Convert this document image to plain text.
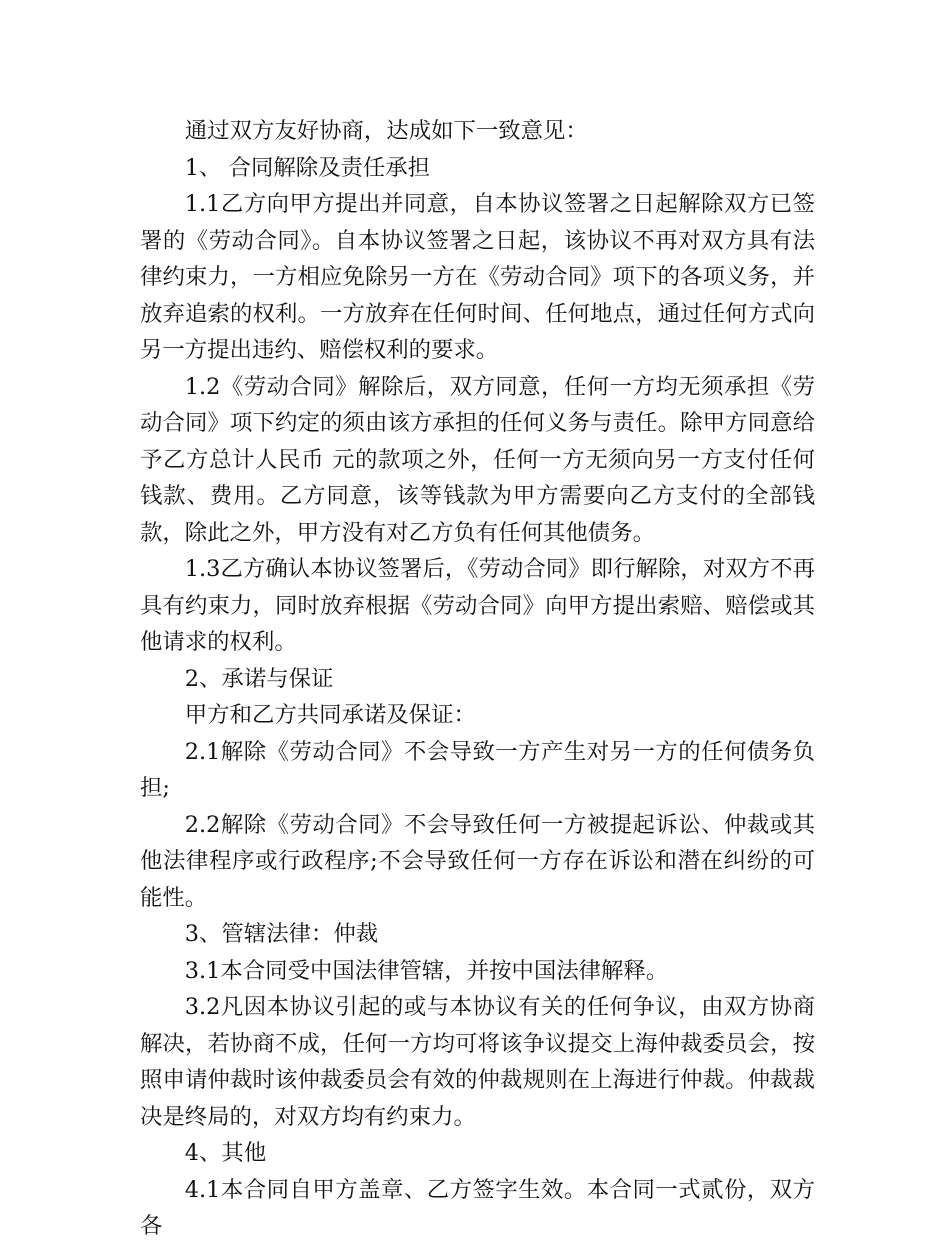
通过双方友好协商，达成如下一致意见：

1、 合同解除及责任承担

1.1乙方向甲方提出并同意，自本协议签署之日起解除双方已签署的《劳动合同》。自本协议签署之日起，该协议不再对双方具有法律约束力，一方相应免除另一方在《劳动合同》项下的各项义务，并放弃追索的权利。一方放弃在任何时间、任何地点，通过任何方式向另一方提出违约、赔偿权利的要求。

1.2《劳动合同》解除后，双方同意，任何一方均无须承担《劳动合同》项下约定的须由该方承担的任何义务与责任。除甲方同意给予乙方总计人民币 元的款项之外，任何一方无须向另一方支付任何钱款、费用。乙方同意，该等钱款为甲方需要向乙方支付的全部钱款，除此之外，甲方没有对乙方负有任何其他债务。

1.3乙方确认本协议签署后，《劳动合同》即行解除，对双方不再具有约束力，同时放弃根据《劳动合同》向甲方提出索赔、赔偿或其他请求的权利。

2、承诺与保证

甲方和乙方共同承诺及保证：

2.1解除《劳动合同》不会导致一方产生对另一方的任何债务负担;

2.2解除《劳动合同》不会导致任何一方被提起诉讼、仲裁或其他法律程序或行政程序;不会导致任何一方存在诉讼和潜在纠纷的可能性。

3、管辖法律：仲裁

3.1本合同受中国法律管辖，并按中国法律解释。

3.2凡因本协议引起的或与本协议有关的任何争议，由双方协商解决，若协商不成，任何一方均可将该争议提交上海仲裁委员会，按照申请仲裁时该仲裁委员会有效的仲裁规则在上海进行仲裁。仲裁裁决是终局的，对双方均有约束力。

4、其他

4.1本合同自甲方盖章、乙方签字生效。本合同一式贰份，双方各
